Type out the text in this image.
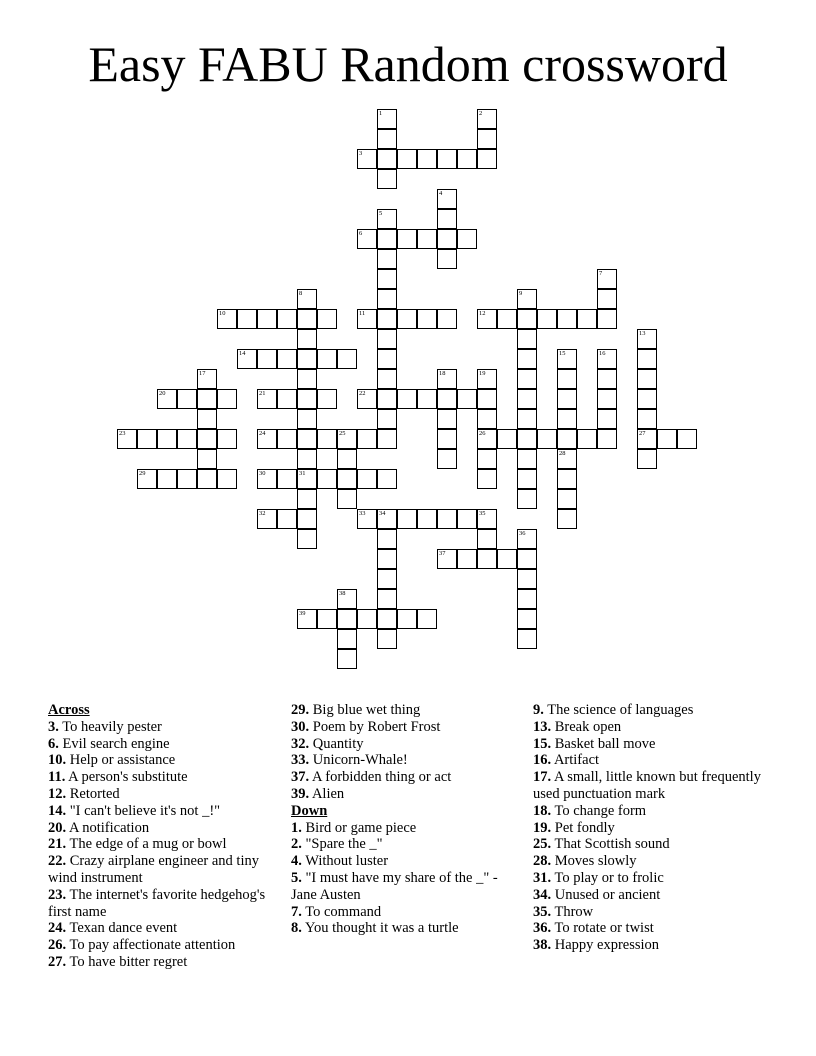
Easy FABU Random crossword
3
6
10	11	12
14
20	21	22
23	24	25	26	27
29	30	31
32	33 34	35
37
39
1	2
4
5
7
8	9
13
15	16
17	18	19
28
36
38
Across
3. To heavily pester
6. Evil search engine
10. Help or assistance
11. A person's substitute
12. Retorted
14. "I can't believe it's not _!"
20. A notification
21. The edge of a mug or bowl
22. Crazy airplane engineer and tiny wind instrument
23. The internet's favorite hedgehog's first name
24. Texan dance event
26. To pay affectionate attention
27. To have bitter regret
29. Big blue wet thing
30. Poem by Robert Frost
32. Quantity
33. Unicorn-Whale!
37. A forbidden thing or act
39. Alien
Down
1. Bird or game piece
2. "Spare the _"
4. Without luster
5. "I must have my share of the _" -Jane Austen
7. To command
8. You thought it was a turtle
9. The science of languages
13. Break open
15. Basket ball move
16. Artifact
17. A small, little known but frequently used punctuation mark
18. To change form
19. Pet fondly
25. That Scottish sound
28. Moves slowly
31. To play or to frolic
34. Unused or ancient
35. Throw
36. To rotate or twist
38. Happy expression
